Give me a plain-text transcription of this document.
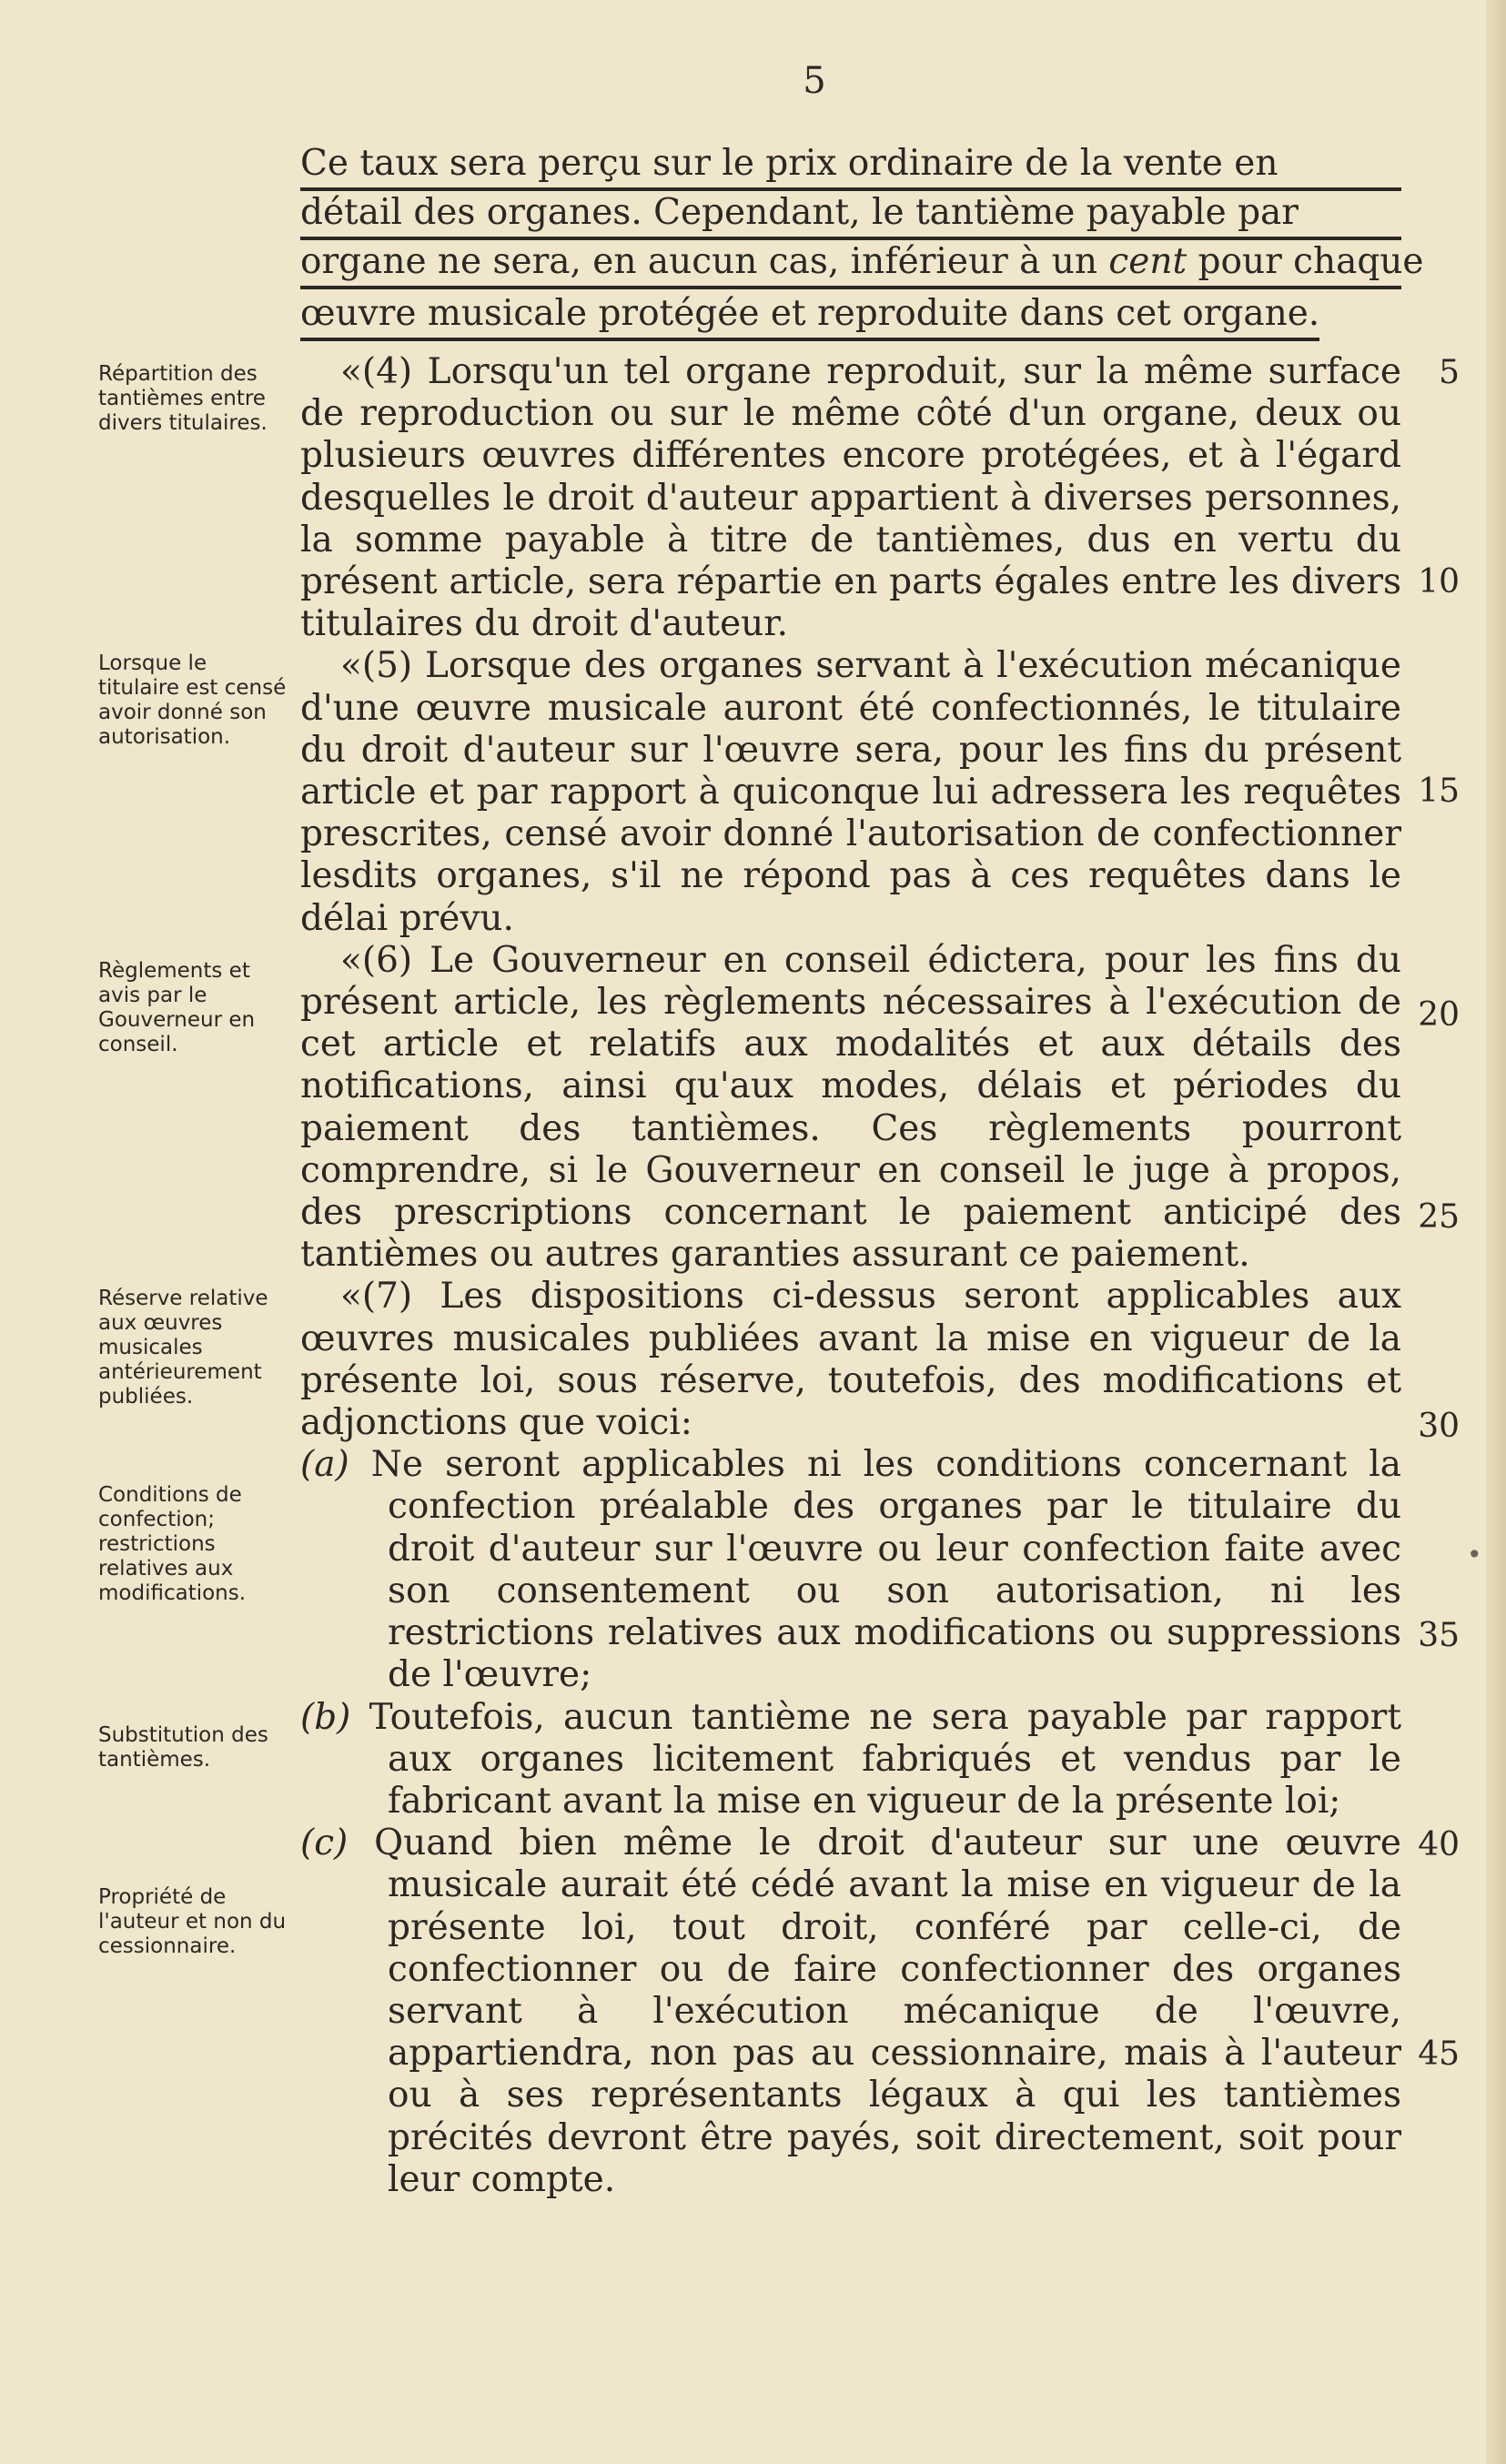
5
Ce taux sera perçu sur le prix ordinaire de la vente en
détail des organes. Cependant, le tantième payable par
organe ne sera, en aucun cas, inférieur à un cent pour chaque
œuvre musicale protégée et reproduite dans cet organe.

«(4) Lorsqu'un tel organe reproduit, sur la même surface de reproduction ou sur le même côté d'un organe, deux ou plusieurs œuvres différentes encore protégées, et à l'égard desquelles le droit d'auteur appartient à diverses personnes, la somme payable à titre de tantièmes, dus en vertu du présent article, sera répartie en parts égales entre les divers titulaires du droit d'auteur.

«(5) Lorsque des organes servant à l'exécution mécanique d'une œuvre musicale auront été confectionnés, le titulaire du droit d'auteur sur l'œuvre sera, pour les fins du présent article et par rapport à quiconque lui adressera les requêtes prescrites, censé avoir donné l'autorisation de confectionner lesdits organes, s'il ne répond pas à ces requêtes dans le délai prévu.

«(6) Le Gouverneur en conseil édictera, pour les fins du présent article, les règlements nécessaires à l'exécution de cet article et relatifs aux modalités et aux détails des notifications, ainsi qu'aux modes, délais et périodes du paiement des tantièmes. Ces règlements pourront comprendre, si le Gouverneur en conseil le juge à propos, des prescriptions concernant le paiement anticipé des tantièmes ou autres garanties assurant ce paiement.

«(7) Les dispositions ci-dessus seront applicables aux œuvres musicales publiées avant la mise en vigueur de la présente loi, sous réserve, toutefois, des modifications et adjonctions que voici:

(a) Ne seront applicables ni les conditions concernant la confection préalable des organes par le titulaire du droit d'auteur sur l'œuvre ou leur confection faite avec son consentement ou son autorisation, ni les restrictions relatives aux modifications ou suppressions de l'œuvre;

(b) Toutefois, aucun tantième ne sera payable par rapport aux organes licitement fabriqués et vendus par le fabricant avant la mise en vigueur de la présente loi;

(c) Quand bien même le droit d'auteur sur une œuvre musicale aurait été cédé avant la mise en vigueur de la présente loi, tout droit, conféré par celle-ci, de confectionner ou de faire confectionner des organes servant à l'exécution mécanique de l'œuvre, appartiendra, non pas au cessionnaire, mais à l'auteur ou à ses représentants légaux à qui les tantièmes précités devront être payés, soit directement, soit pour leur compte.

Répartition des tantièmes entre divers titulaires.
Lorsque le titulaire est censé avoir donné son autorisation.
Règlements et avis par le Gouverneur en conseil.
Réserve relative aux œuvres musicales antérieurement publiées.
Conditions de confection; restrictions relatives aux modifications.
Substitution des tantièmes.
Propriété de l'auteur et non du cessionnaire.
5
10
15
20
25
30
35
40
45
•
